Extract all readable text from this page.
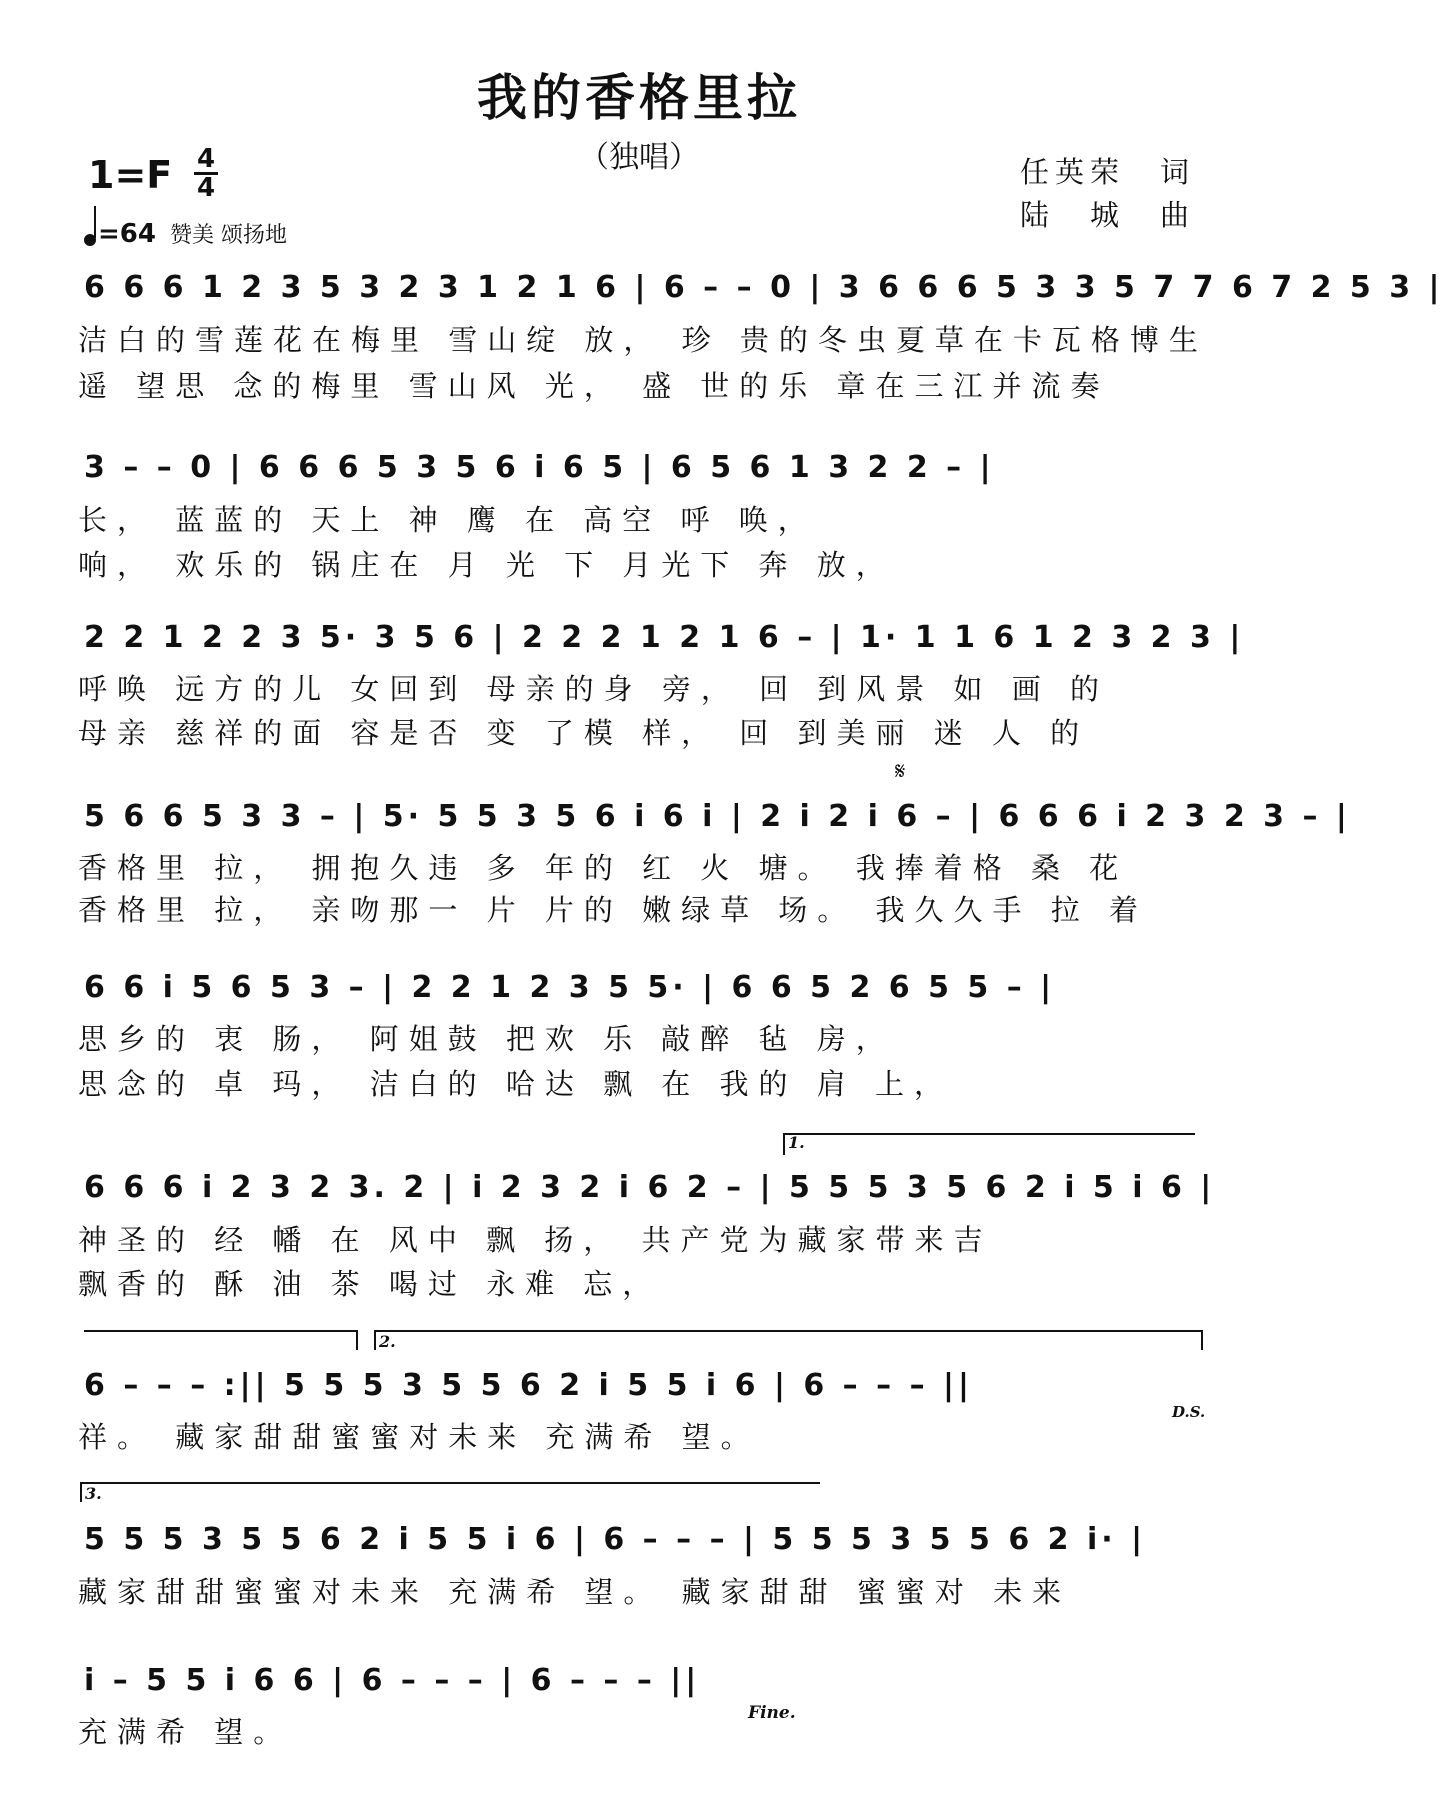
我的香格里拉
（独唱）
1=F 4
4
=64 赞美 颂扬地
任英荣　词
陆　城　曲
6 6 6 1 2 3 5 3 2 3 1 2 1 6 | 6 – – 0 | 3 6 6 6 5 3 3 5 7 7 6 7 2 5 3 |
洁白的雪莲花在梅里 雪山绽 放， 珍 贵的冬虫夏草在卡瓦格博生
遥 望思 念的梅里 雪山风 光， 盛 世的乐 章在三江并流奏
3 – – 0 | 6 6 6 5 3 5 6 i 6 5 | 6 5 6 1 3 2 2 – |
长， 蓝蓝的 天上 神 鹰 在 高空 呼 唤，
响， 欢乐的 锅庄在 月 光 下 月光下 奔 放，
2 2 1 2 2 3 5· 3 5 6 | 2 2 2 1 2 1 6 – | 1· 1 1 6 1 2 3 2 3 |
呼唤 远方的儿 女回到 母亲的身 旁， 回 到风景 如 画 的
母亲 慈祥的面 容是否 变 了模 样， 回 到美丽 迷 人 的
𝄋
5 6 6 5 3 3 – | 5· 5 5 3 5 6 i 6 i | 2 i 2 i 6 – | 6 6 6 i 2 3 2 3 – |
香格里 拉， 拥抱久违 多 年的 红 火 塘。 我捧着格 桑 花
香格里 拉， 亲吻那一 片 片的 嫩绿草 场。 我久久手 拉 着
6 6 i 5 6 5 3 – | 2 2 1 2 3 5 5· | 6 6 5 2 6 5 5 – |
思乡的 衷 肠， 阿姐鼓 把欢 乐 敲醉 毡 房，
思念的 卓 玛， 洁白的 哈达 飘 在 我的 肩 上，
1.
6 6 6 i 2 3 2 3. 2 | i 2 3 2 i 6 2 – | 5 5 5 3 5 6 2 i 5 i 6 |
神圣的 经 幡 在 风中 飘 扬， 共产党为藏家带来吉
飘香的 酥 油 茶 喝过 永难 忘，
2.
6 – – – :|| 5 5 5 3 5 5 6 2 i 5 5 i 6 | 6 – – – ||
祥。 藏家甜甜蜜蜜对未来 充满希 望。
D.S.
3.
5 5 5 3 5 5 6 2 i 5 5 i 6 | 6 – – – | 5 5 5 3 5 5 6 2 i· |
藏家甜甜蜜蜜对未来 充满希 望。 藏家甜甜 蜜蜜对 未来
i – 5 5 i 6 6 | 6 – – – | 6 – – – ||
充满希 望。
Fine.
